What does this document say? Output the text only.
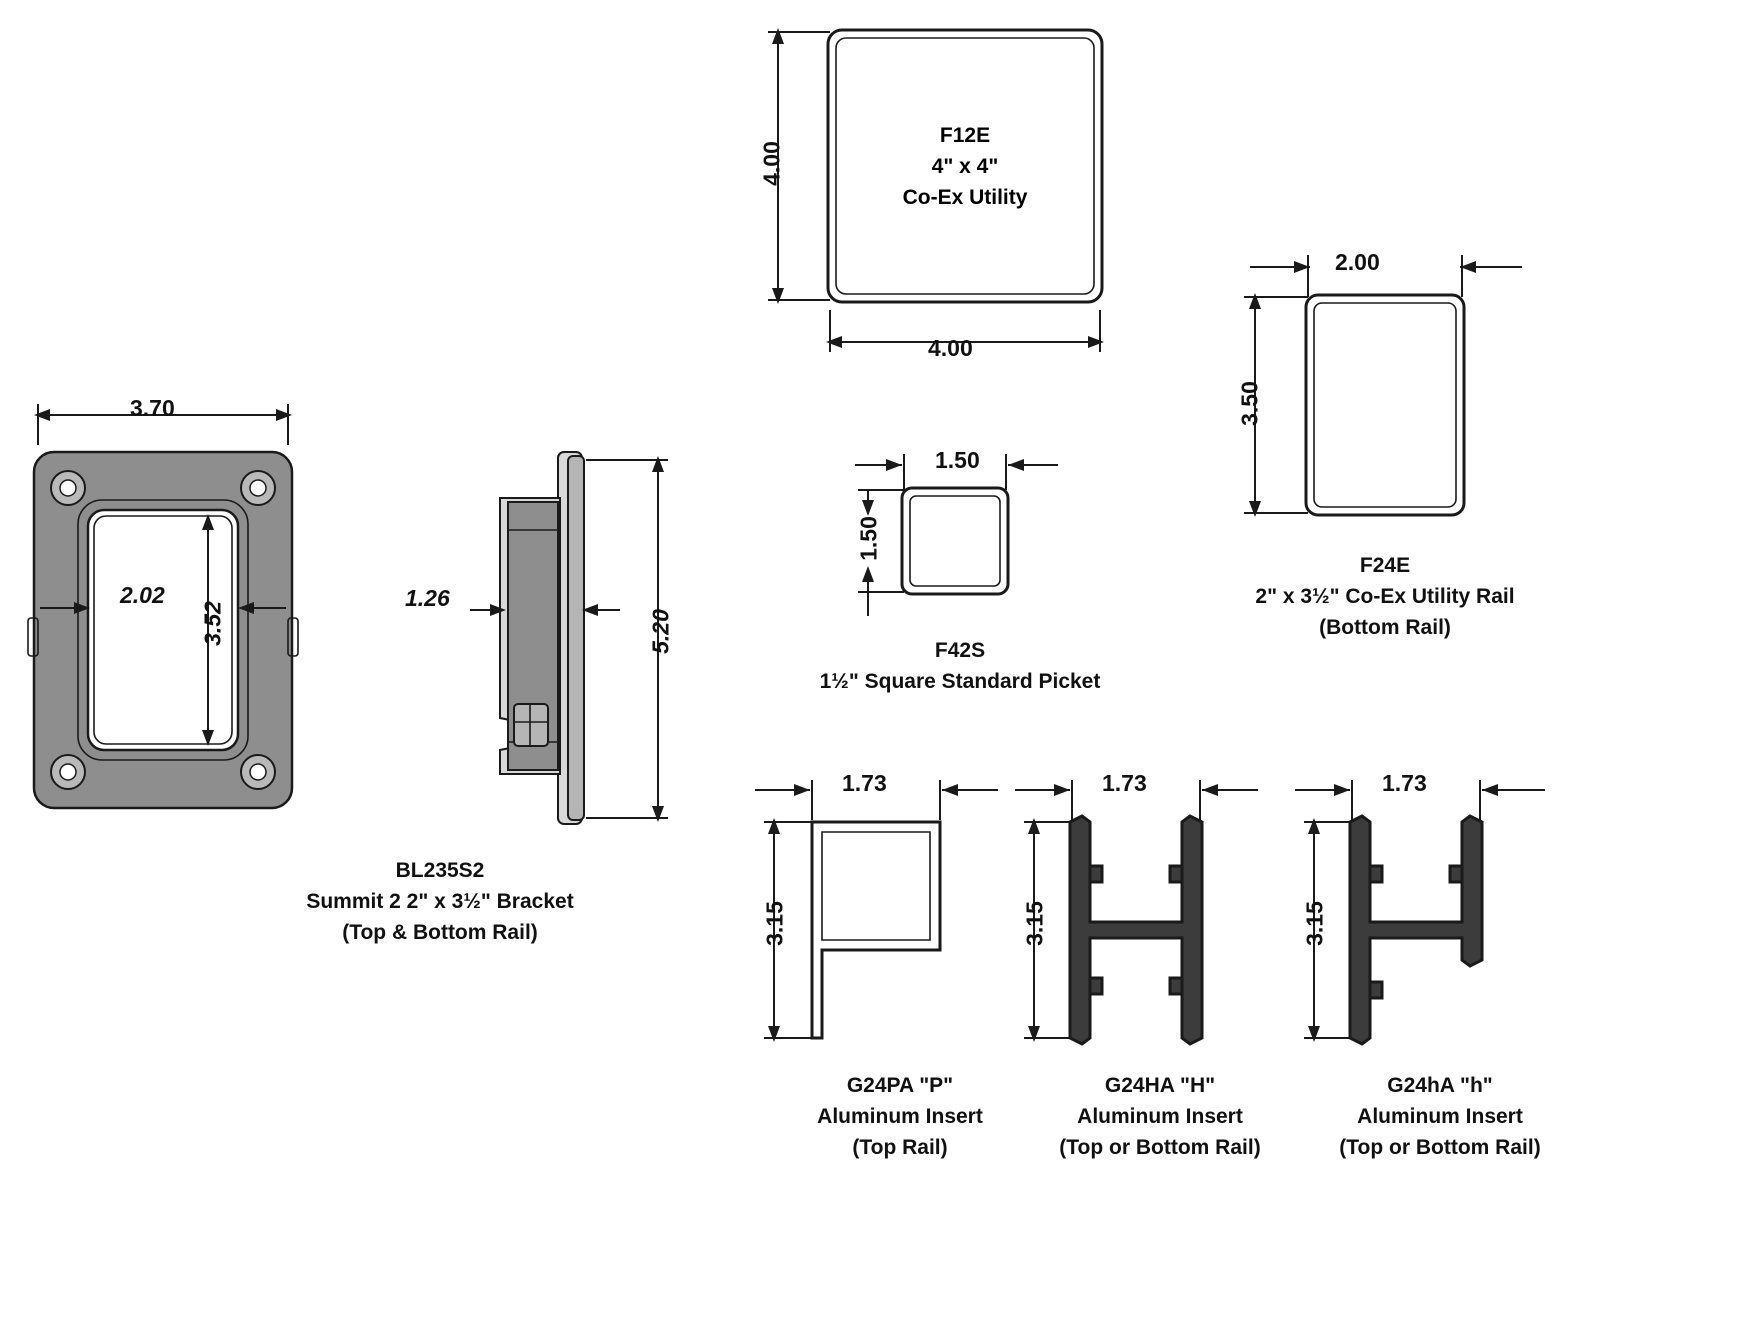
4.00
4.00
F12E
4" x 4"
Co-Ex Utility
2.00
3.50
F24E
2" x 3½" Co-Ex Utility Rail
(Bottom Rail)
1.50
1.50
F42S
1½" Square Standard Picket
3.70
2.02
3.52
1.26
5.20
BL235S2
Summit 2 2" x 3½" Bracket
(Top & Bottom Rail)
1.73
3.15
G24PA "P"
Aluminum Insert
(Top Rail)
1.73
3.15
G24HA "H"
Aluminum Insert
(Top or Bottom Rail)
1.73
3.15
G24hA "h"
Aluminum Insert
(Top or Bottom Rail)
